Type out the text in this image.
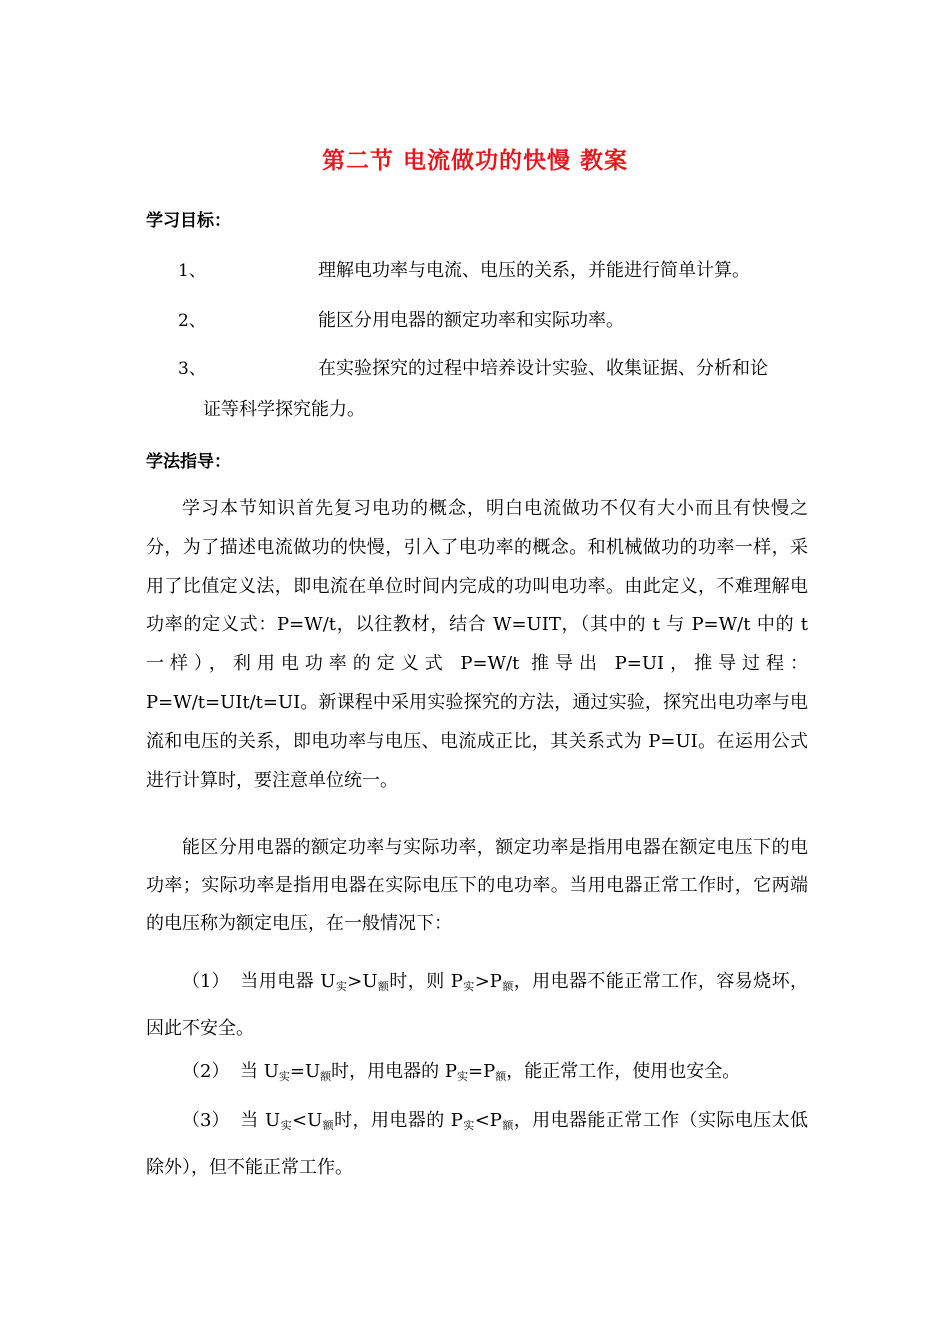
第二节 电流做功的快慢 教案
学习目标：
1、	理解电功率与电流、电压的关系，并能进行简单计算。
2、	能区分用电器的额定功率和实际功率。
3、	在实验探究的过程中培养设计实验、收集证据、分析和论
证等科学探究能力。
学法指导：
学习本节知识首先复习电功的概念，明白电流做功不仅有大小而且有快慢之分，为了描述电流做功的快慢，引入了电功率的概念。和机械做功的功率一样，采用了比值定义法，即电流在单位时间内完成的功叫电功率。由此定义，不难理解电功率的定义式：P=W/t，以往教材，结合 W=UIT，（其中的 t 与 P=W/t 中的 t 一样），利用电功率的定义式 P=W/t 推导出 P=UI，推导过程：P=W/t=UIt/t=UI。新课程中采用实验探究的方法，通过实验，探究出电功率与电流和电压的关系，即电功率与电压、电流成正比，其关系式为 P=UI。在运用公式进行计算时，要注意单位统一。
能区分用电器的额定功率与实际功率，额定功率是指用电器在额定电压下的电功率；实际功率是指用电器在实际电压下的电功率。当用电器正常工作时，它两端的电压称为额定电压，在一般情况下：
（1） 当用电器 $U_实>U_额$时，则 $P_实>P_额$，用电器不能正常工作，容易烧坏，因此不安全。
（2） 当 $U_实=U_额$时，用电器的 $P_实=P_额$，能正常工作，使用也安全。
（3） 当 $U_实<U_额$时，用电器的 $P_实<P_额$，用电器能正常工作（实际电压太低除外），但不能正常工作。
